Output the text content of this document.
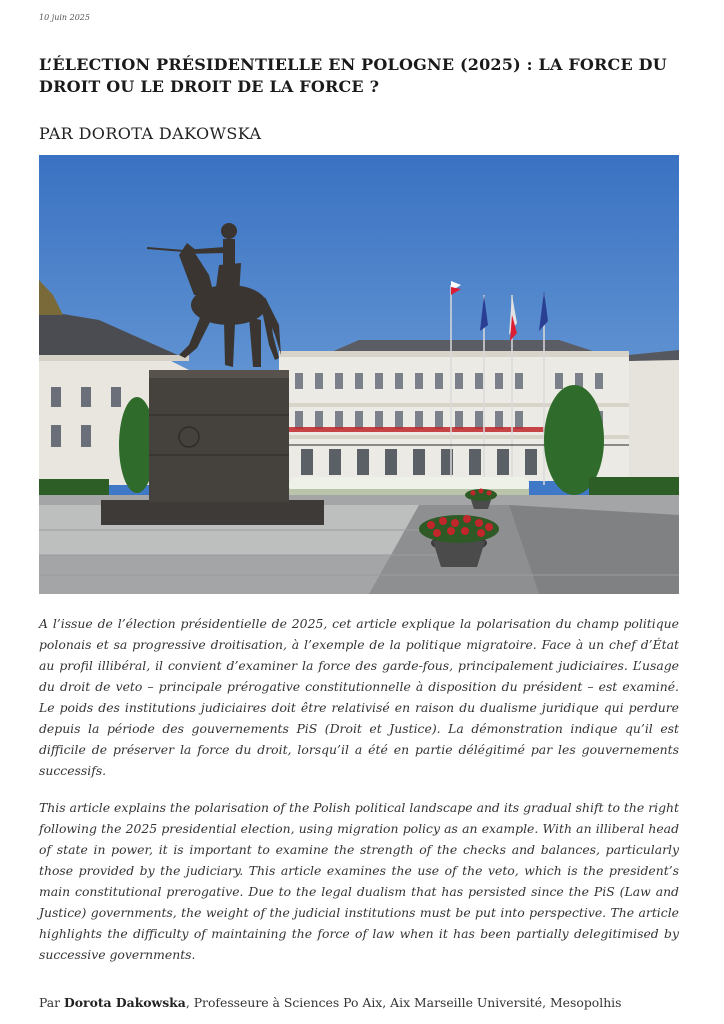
10 juin 2025
L’ÉLECTION PRÉSIDENTIELLE EN POLOGNE (2025) : LA FORCE DU DROIT OU LE DROIT DE LA FORCE ?
PAR DOROTA DAKOWSKA

A l’issue de l’élection présidentielle de 2025, cet article explique la polarisation du champ politique polonais et sa progressive droitisation, à l’exemple de la politique migratoire. Face à un chef d’État au profil illibéral, il convient d’examiner la force des garde-fous, principalement judiciaires. L’usage du droit de veto – principale prérogative constitutionnelle à disposition du président – est examiné. Le poids des institutions judiciaires doit être relativisé en raison du dualisme juridique qui perdure depuis la période des gouvernements PiS (Droit et Justice). La démonstration indique qu’il est difficile de préserver la force du droit, lorsqu’il a été en partie délégitimé par les gouvernements successifs.

This article explains the polarisation of the Polish political landscape and its gradual shift to the right following the 2025 presidential election, using migration policy as an example. With an illiberal head of state in power, it is important to examine the strength of the checks and balances, particularly those provided by the judiciary. This article examines the use of the veto, which is the president’s main constitutional prerogative. Due to the legal dualism that has persisted since the PiS (Law and Justice) governments, the weight of the judicial institutions must be put into perspective. The article highlights the difficulty of maintaining the force of law when it has been partially delegitimised by successive governments.

Par Dorota Dakowska, Professeure à Sciences Po Aix, Aix Marseille Université, Mesopolhis
